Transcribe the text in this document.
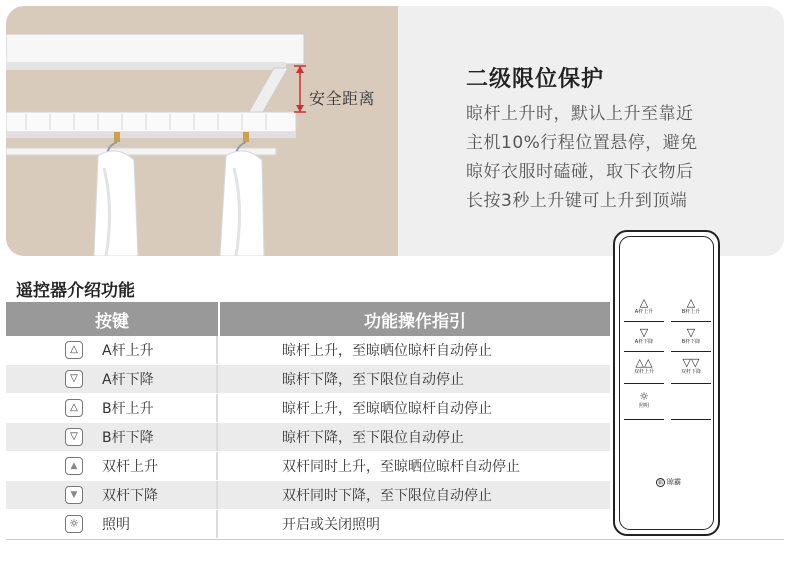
安全距离
二级限位保护
晾杆上升时，默认上升至靠近
主机10%行程位置悬停，避免
晾好衣服时磕碰，取下衣物后
长按3秒上升键可上升到顶端
遥控器介绍功能
按键	功能操作指引
△ A杆上升	晾杆上升，至晾晒位晾杆自动停止
▽ A杆下降	晾杆下降，至下限位自动停止
△ B杆上升	晾杆上升，至晾晒位晾杆自动停止
▽ B杆下降	晾杆下降，至下限位自动停止
▲ 双杆上升	双杆同时上升，至晾晒位晾杆自动停止
▼ 双杆下降	双杆同时下降，至下限位自动停止
☼ 照明	开启或关闭照明
△
A杆上升
△
B杆上升
▽
A杆下降
▽
B杆下降
△△
双杆上升
▽▽
双杆下降
☼
照明
霸 晾霸
